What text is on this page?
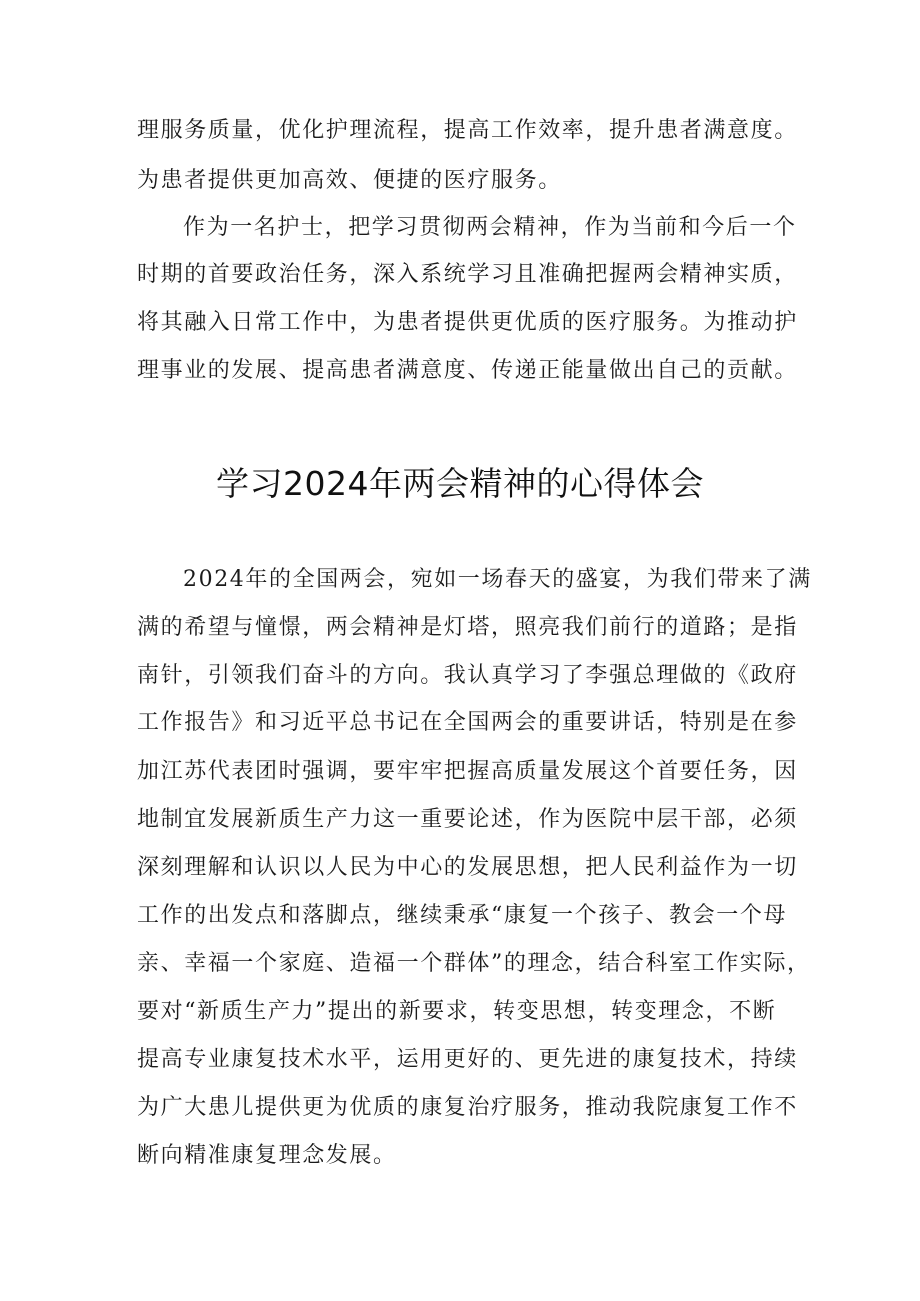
理服务质量，优化护理流程，提高工作效率，提升患者满意度。
为患者提供更加高效、便捷的医疗服务。
作为一名护士，把学习贯彻两会精神，作为当前和今后一个
时期的首要政治任务，深入系统学习且准确把握两会精神实质，
将其融入日常工作中，为患者提供更优质的医疗服务。为推动护
理事业的发展、提高患者满意度、传递正能量做出自己的贡献。
学习2024年两会精神的心得体会
2024年的全国两会，宛如一场春天的盛宴，为我们带来了满
满的希望与憧憬，两会精神是灯塔，照亮我们前行的道路；是指
南针，引领我们奋斗的方向。我认真学习了李强总理做的《政府
工作报告》和习近平总书记在全国两会的重要讲话，特别是在参
加江苏代表团时强调，要牢牢把握高质量发展这个首要任务，因
地制宜发展新质生产力这一重要论述，作为医院中层干部，必须
深刻理解和认识以人民为中心的发展思想，把人民利益作为一切
工作的出发点和落脚点，继续秉承“康复一个孩子、教会一个母
亲、幸福一个家庭、造福一个群体”的理念，结合科室工作实际，
要对“新质生产力”提出的新要求，转变思想，转变理念，不断
提高专业康复技术水平，运用更好的、更先进的康复技术，持续
为广大患儿提供更为优质的康复治疗服务，推动我院康复工作不
断向精准康复理念发展。
